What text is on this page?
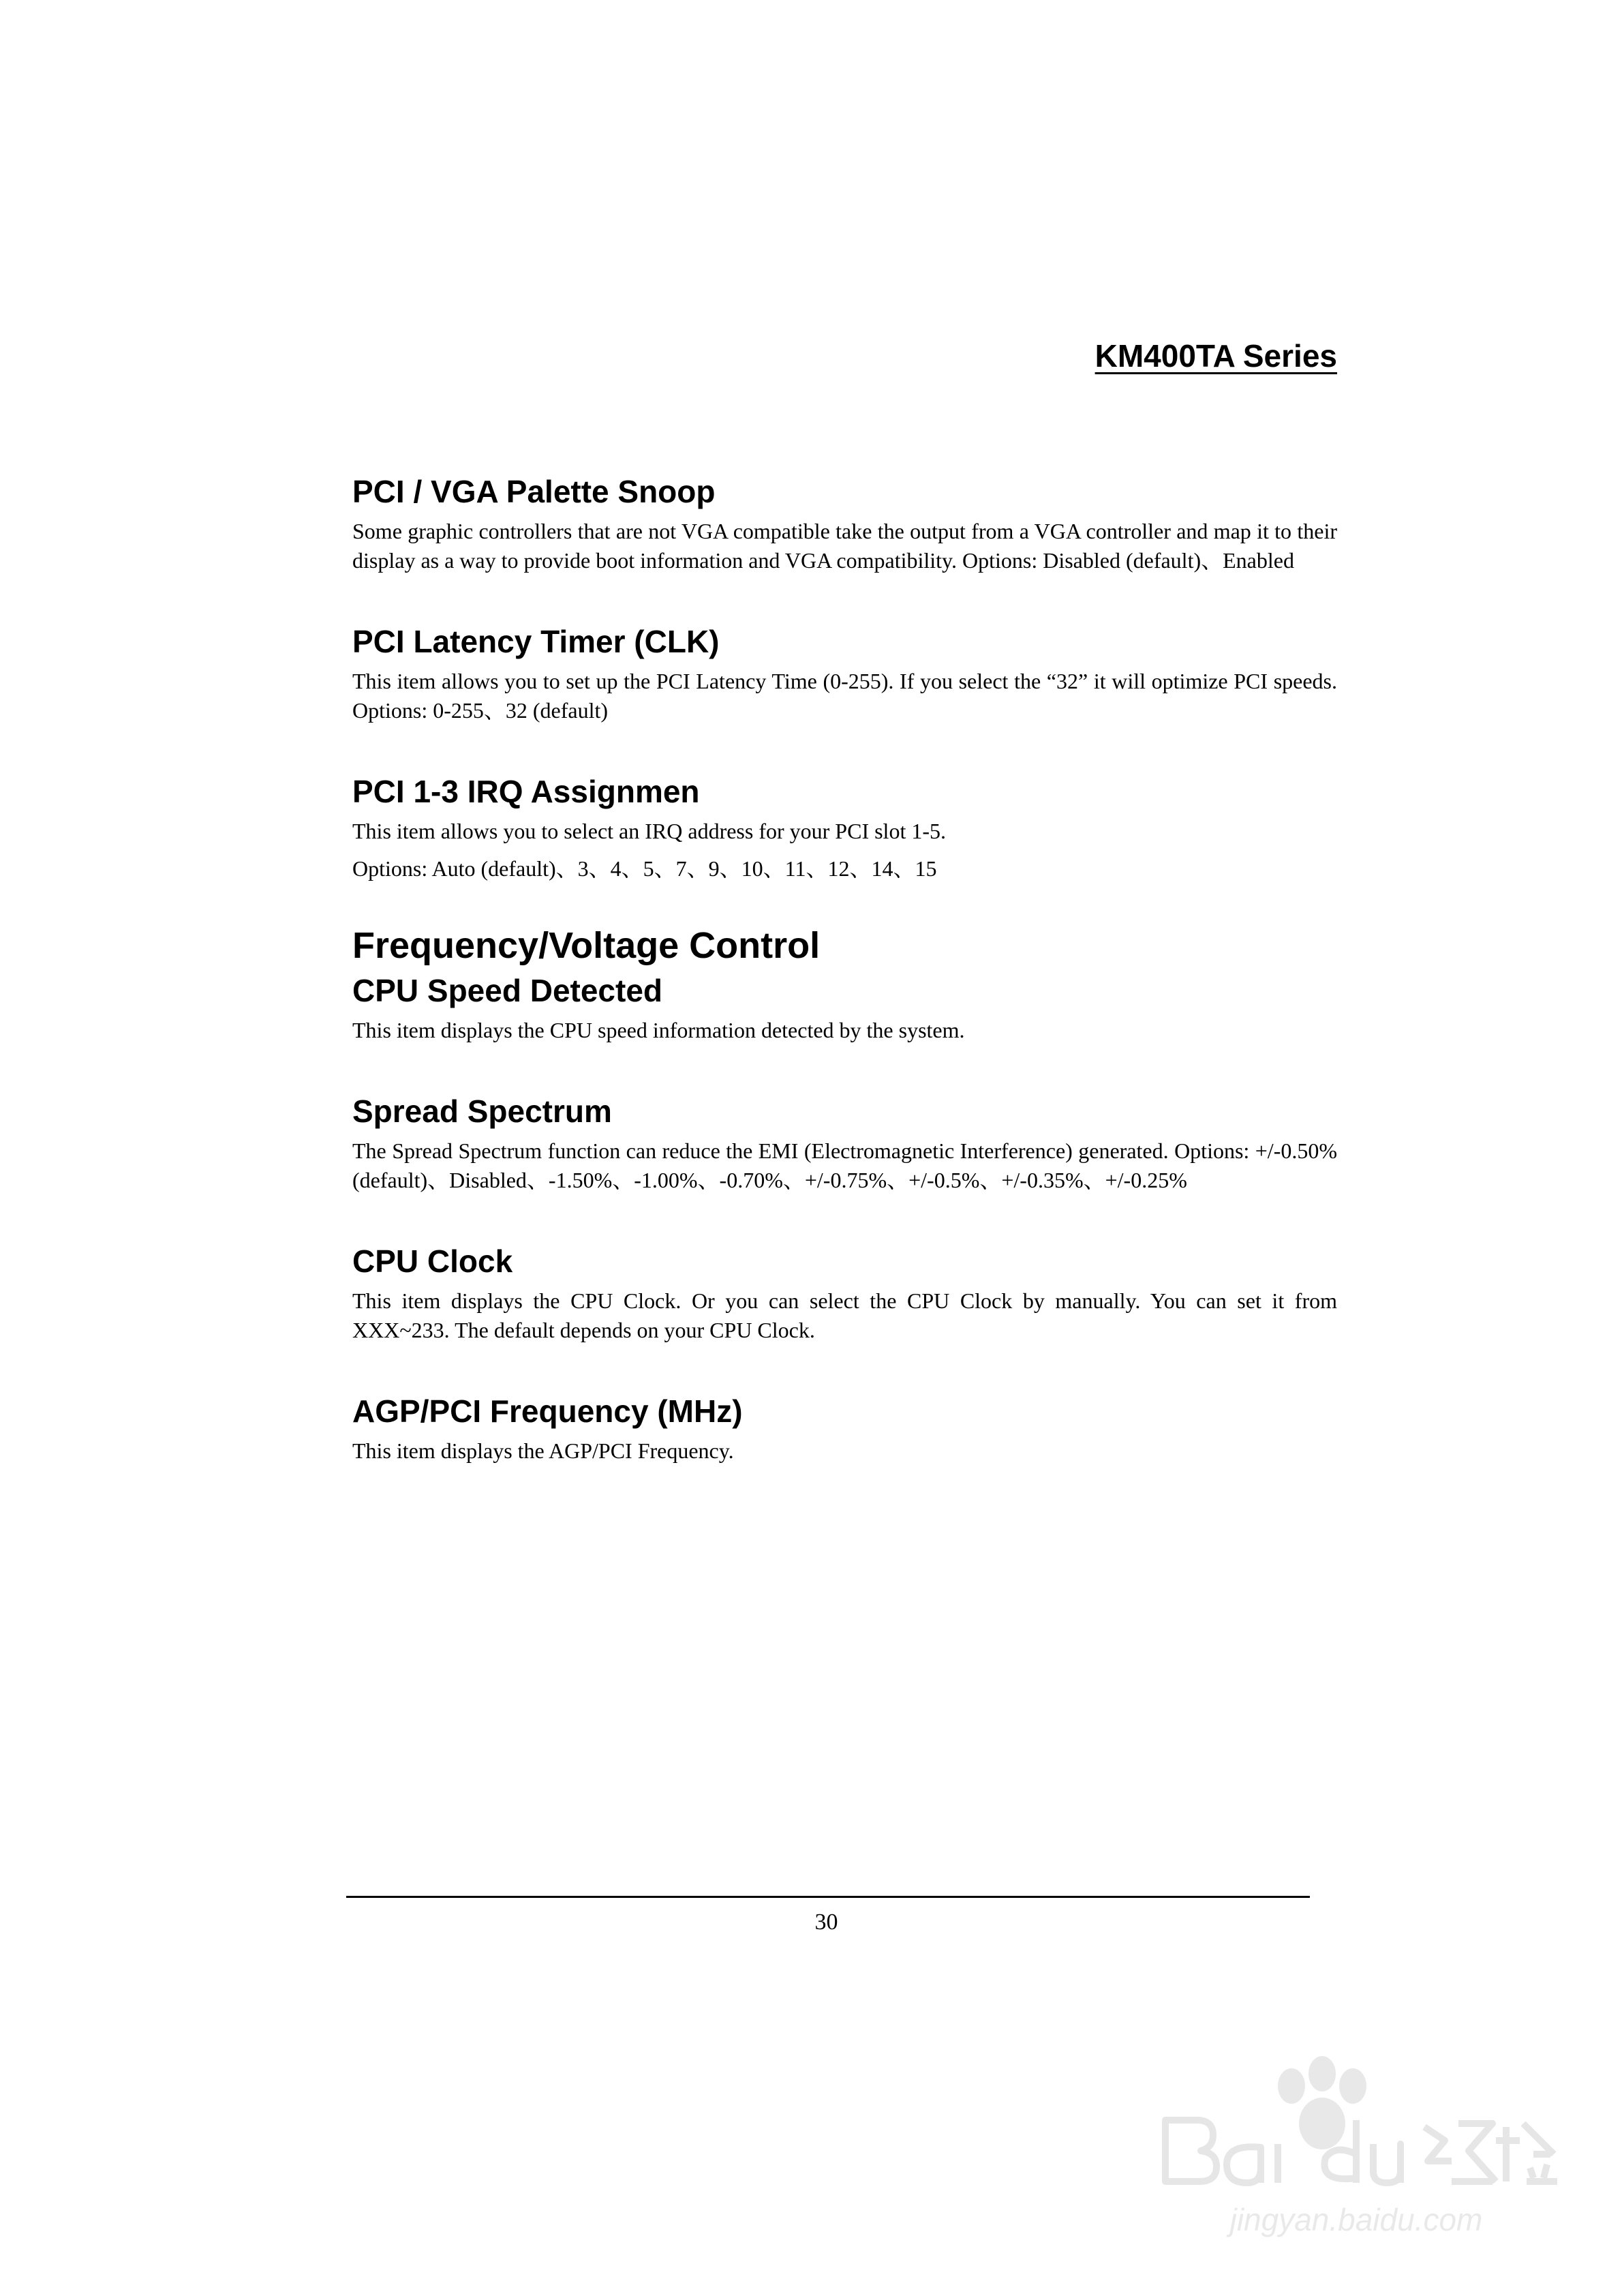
KM400TA Series
PCI / VGA Palette Snoop

Some graphic controllers that are not VGA compatible take the output from a VGA controller and map it to their display as a way to provide boot information and VGA compatibility. Options: Disabled (default)、Enabled

PCI Latency Timer (CLK)

This item allows you to set up the PCI Latency Time (0-255). If you select the “32” it will optimize PCI speeds. Options: 0-255、32 (default)

PCI 1-3 IRQ Assignmen

This item allows you to select an IRQ address for your PCI slot 1-5.

Options: Auto (default)、3、4、5、7、9、10、11、12、14、15

Frequency/Voltage Control
CPU Speed Detected

This item displays the CPU speed information detected by the system.

Spread Spectrum

The Spread Spectrum function can reduce the EMI (Electromagnetic Interference) generated. Options: +/-0.50% (default)、Disabled、-1.50%、-1.00%、-0.70%、+/-0.75%、+/-0.5%、+/-0.35%、+/-0.25%

CPU Clock

This item displays the CPU Clock. Or you can select the CPU Clock by manually. You can set it from XXX~233. The default depends on your CPU Clock.

AGP/PCI Frequency (MHz)

This item displays the AGP/PCI Frequency.

30

jingyan.baidu.com
